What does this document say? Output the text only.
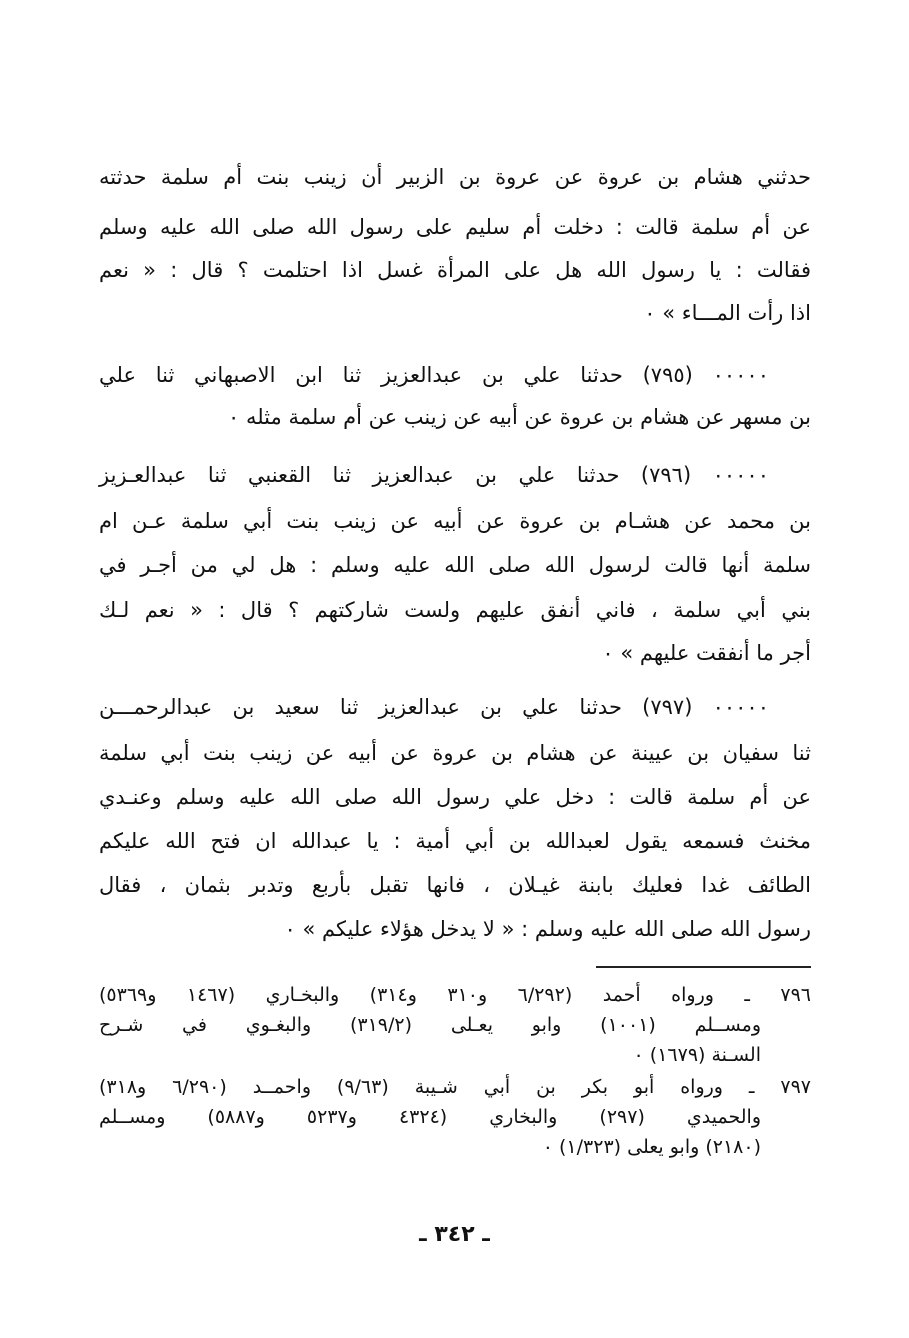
حدثني هشام بن عروة عن عروة بن الزبير أن زينب بنت أم سلمة حدثته
عن أم سلمة قالت : دخلت أم سليم على رسول الله صلى الله عليه وسلم
فقالت : يا رسول الله هل على المرأة غسل اذا احتلمت ؟ قال : « نعم
اذا رأت المـــاء » ٠
٠٠٠٠٠ (٧٩٥) حدثنا علي بن عبدالعزيز ثنا ابن الاصبهاني ثنا علي
بن مسهر عن هشام بن عروة عن أبيه عن زينب عن أم سلمة مثله ٠
٠٠٠٠٠ (٧٩٦) حدثنا علي بن عبدالعزيز ثنا القعنبي ثنا عبدالعـزيز
بن محمد عن هشـام بن عروة عن أبيه عن زينب بنت أبي سلمة عـن ام
سلمة أنها قالت لرسول الله صلى الله عليه وسلم : هل لي من أجـر في
بني أبي سلمة ، فاني أنفق عليهم ولست شاركتهم ؟ قال : « نعم لـك
أجر ما أنفقت عليهم » ٠
٠٠٠٠٠ (٧٩٧) حدثنا علي بن عبدالعزيز ثنا سعيد بن عبدالرحمـــن
ثنا سفيان بن عيينة عن هشام بن عروة عن أبيه عن زينب بنت أبي سلمة
عن أم سلمة قالت : دخل علي رسول الله صلى الله عليه وسلم وعنـدي
مخنث فسمعه يقول لعبدالله بن أبي أمية : يا عبدالله ان فتح الله عليكم
الطائف غدا فعليك بابنة غيـلان ، فانها تقبل بأربع وتدبر بثمان ، فقال
رسول الله صلى الله عليه وسلم : « لا يدخل هؤلاء عليكم » ٠
٧٩٦ ـ ورواه أحمد (٦/٢٩٢ و٣١٠ و٣١٤) والبخـاري (١٤٦٧ و٥٣٦٩)
ومســلم (١٠٠١) وابو يعـلى (٣١٩/٢) والبغـوي في شـرح
السـنة (١٦٧٩) ٠
٧٩٧ ـ ورواه أبو بكر بن أبي شـيبة (٩/٦٣) واحمــد (٦/٢٩٠ و٣١٨)
والحميدي (٢٩٧) والبخاري (٤٣٢٤ و٥٢٣٧ و٥٨٨٧) ومســلم
(٢١٨٠) وابو يعلى (١/٣٢٣) ٠
ـ ٣٤٢ ـ
